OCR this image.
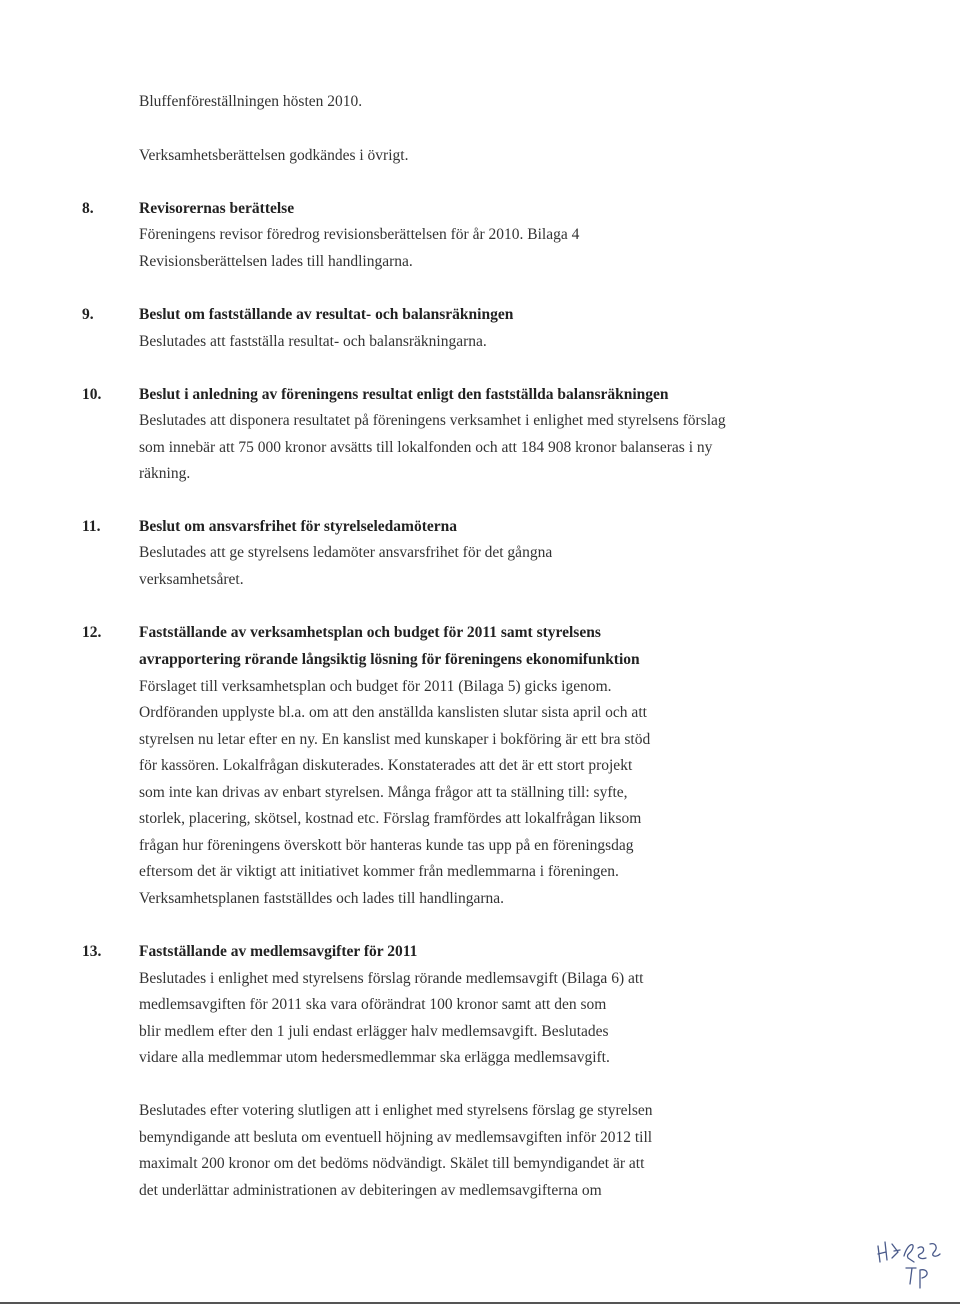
Bluffenföreställningen hösten 2010.
Verksamhetsberättelsen godkändes i övrigt.
8.	Revisorernas berättelse
Föreningens revisor föredrog revisionsberättelsen för år 2010. Bilaga 4
Revisionsberättelsen lades till handlingarna.
9.	Beslut om fastställande av resultat- och balansräkningen
Beslutades att fastställa resultat- och balansräkningarna.
10. Beslut i anledning av föreningens resultat enligt den fastställda balansräkningen
Beslutades att disponera resultatet på föreningens verksamhet i enlighet med styrelsens förslag
som innebär att 75 000 kronor avsätts till lokalfonden och att 184 908 kronor balanseras i ny
räkning.
11. Beslut om ansvarsfrihet för styrelseledamöterna
Beslutades att ge styrelsens ledamöter ansvarsfrihet för det gångna
verksamhetsåret.
12. Fastställande av verksamhetsplan och budget för 2011 samt styrelsens
avrapportering rörande långsiktig lösning för föreningens ekonomifunktion
Förslaget till verksamhetsplan och budget för 2011 (Bilaga 5) gicks igenom.
Ordföranden upplyste bl.a. om att den anställda kanslisten slutar sista april och att
styrelsen nu letar efter en ny. En kanslist med kunskaper i bokföring är ett bra stöd
för kassören. Lokalfrågan diskuterades. Konstaterades att det är ett stort projekt
som inte kan drivas av enbart styrelsen. Många frågor att ta ställning till: syfte,
storlek, placering, skötsel, kostnad etc. Förslag framfördes att lokalfrågan liksom
frågan hur föreningens överskott bör hanteras kunde tas upp på en föreningsdag
eftersom det är viktigt att initiativet kommer från medlemmarna i föreningen.
Verksamhetsplanen fastställdes och lades till handlingarna.
13. Fastställande av medlemsavgifter för 2011
Beslutades i enlighet med styrelsens förslag rörande medlemsavgift (Bilaga 6) att
medlemsavgiften för 2011 ska vara oförändrat 100 kronor samt att den som
blir medlem efter den 1 juli endast erlägger halv medlemsavgift. Beslutades
vidare alla medlemmar utom hedersmedlemmar ska erlägga medlemsavgift.
Beslutades efter votering slutligen att i enlighet med styrelsens förslag ge styrelsen
bemyndigande att besluta om eventuell höjning av medlemsavgiften inför 2012 till
maximalt 200 kronor om det bedöms nödvändigt. Skälet till bemyndigandet är att
det underlättar administrationen av debiteringen av medlemsavgifterna om
